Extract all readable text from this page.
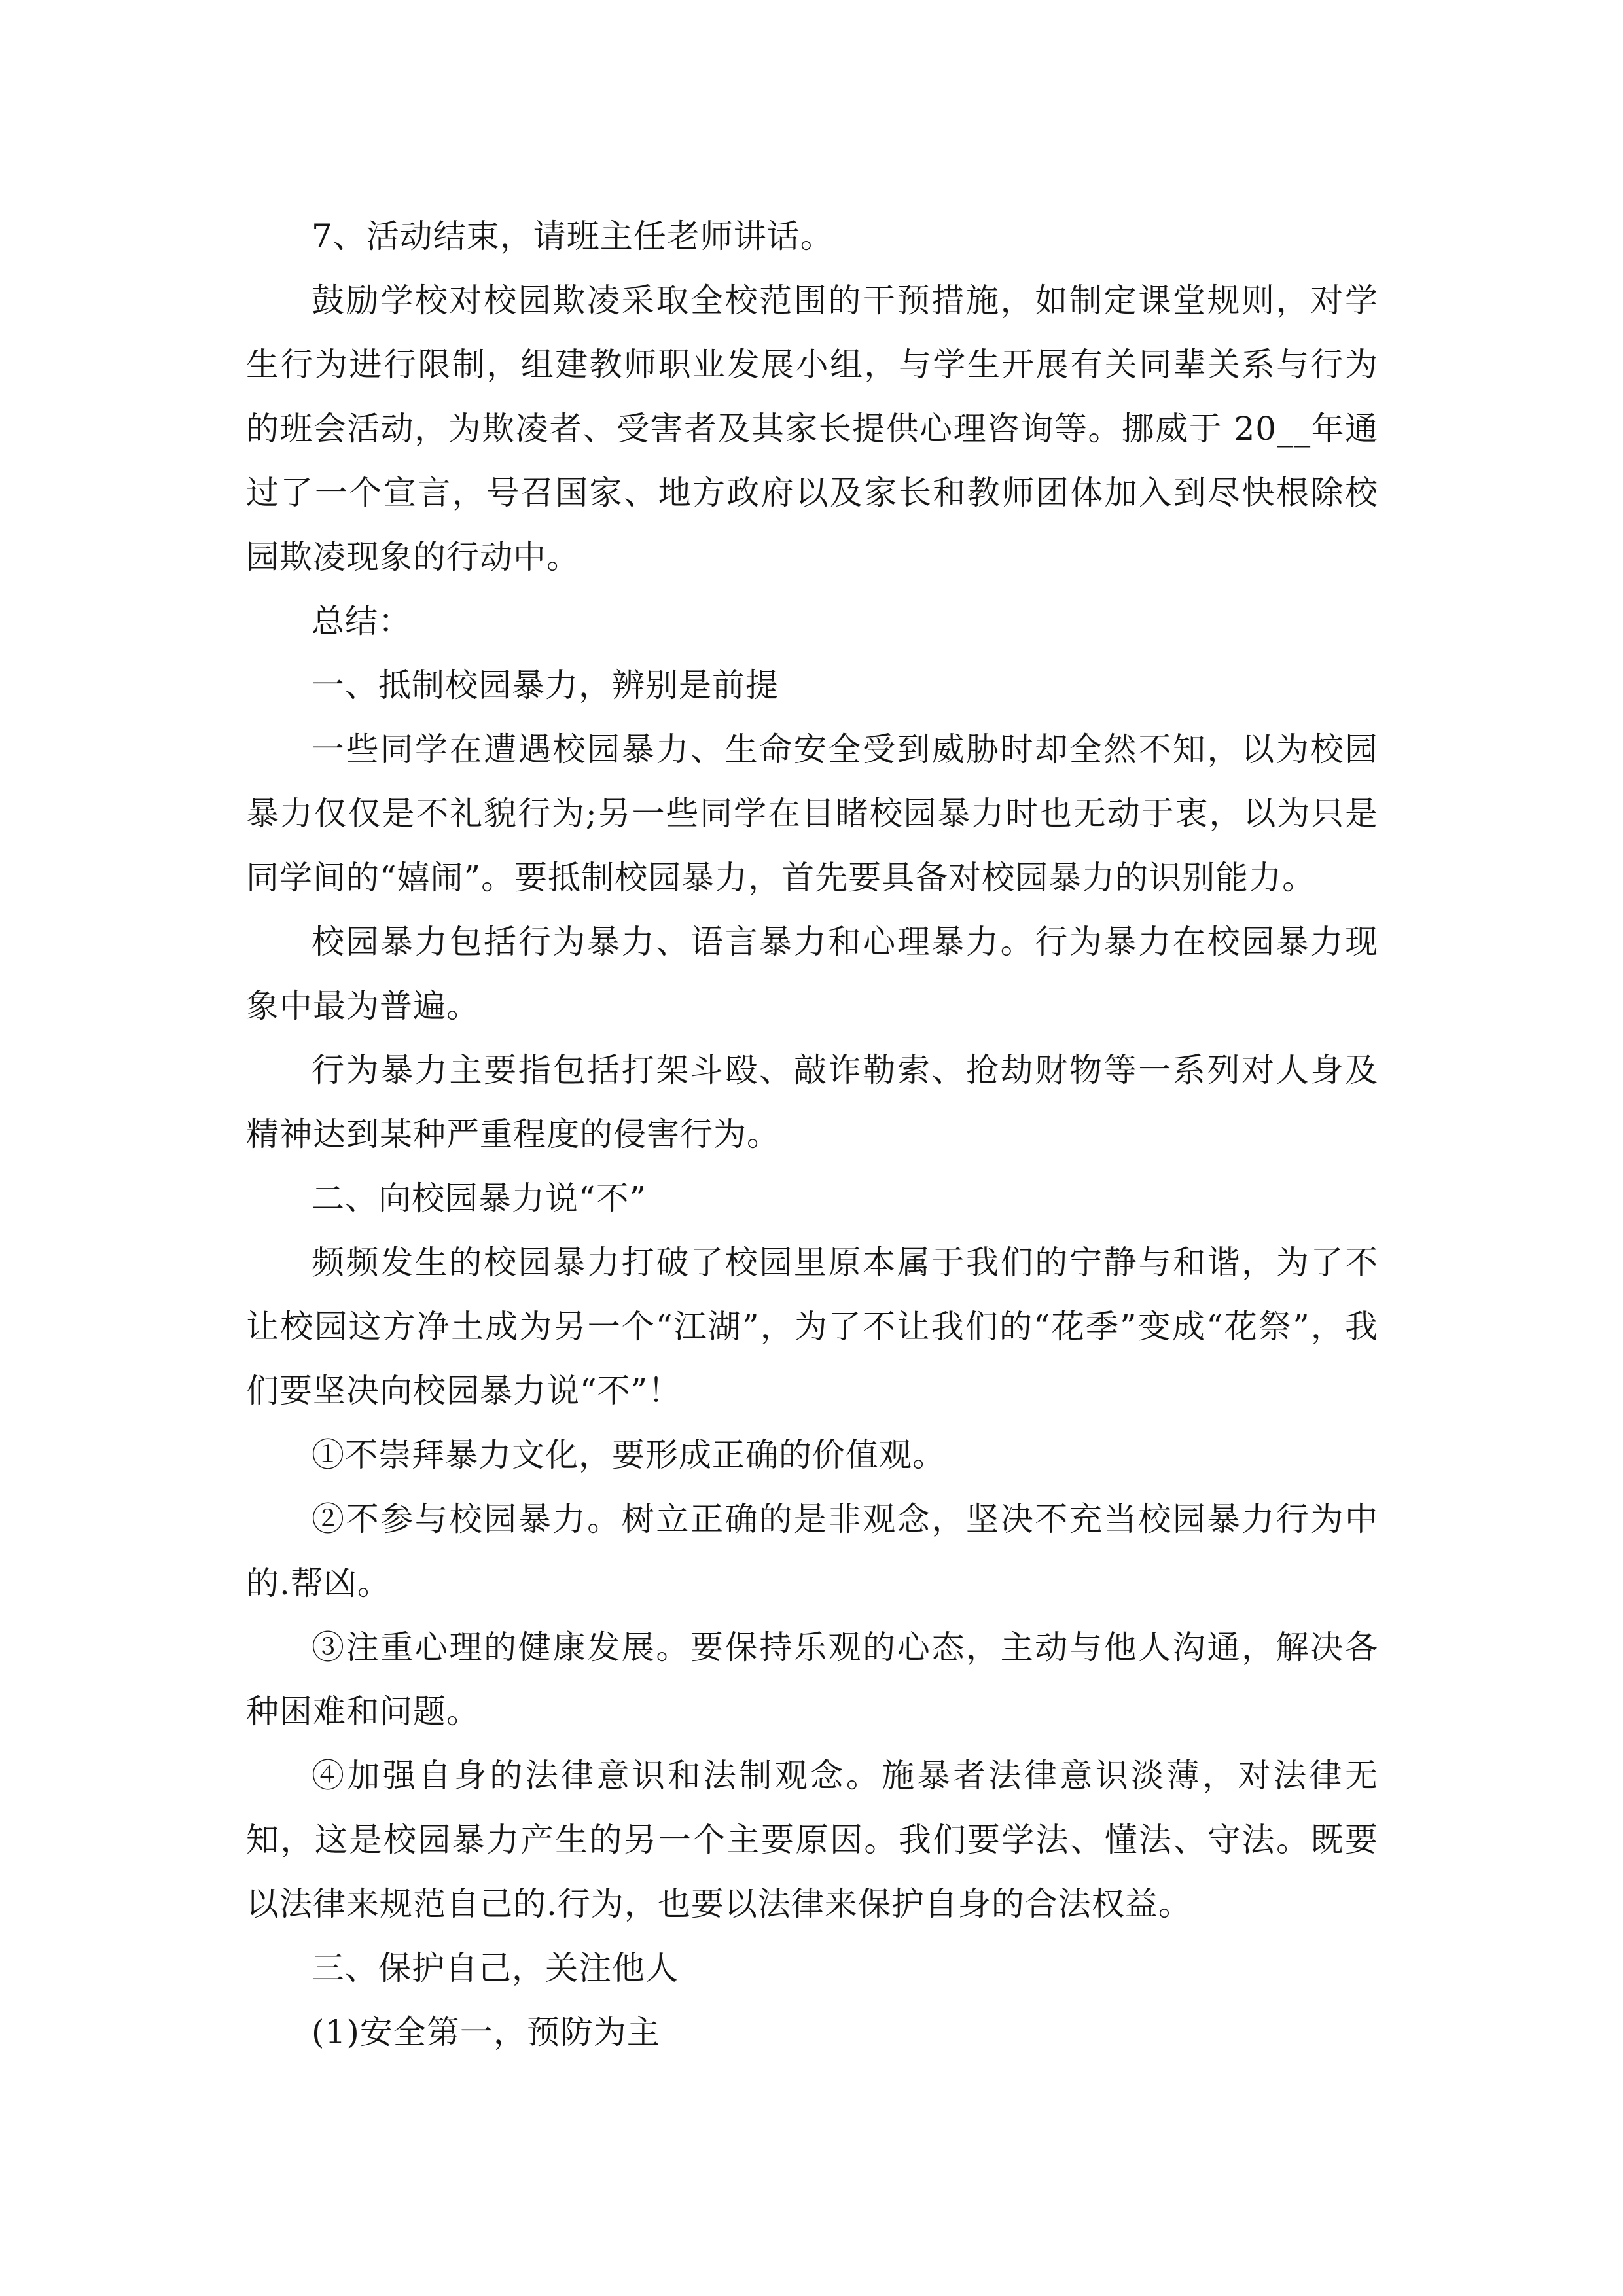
7、活动结束，请班主任老师讲话。

鼓励学校对校园欺凌采取全校范围的干预措施，如制定课堂规则，对学生行为进行限制，组建教师职业发展小组，与学生开展有关同辈关系与行为的班会活动，为欺凌者、受害者及其家长提供心理咨询等。挪威于 20__年通过了一个宣言，号召国家、地方政府以及家长和教师团体加入到尽快根除校园欺凌现象的行动中。

总结：

一、抵制校园暴力，辨别是前提

一些同学在遭遇校园暴力、生命安全受到威胁时却全然不知，以为校园暴力仅仅是不礼貌行为;另一些同学在目睹校园暴力时也无动于衷，以为只是同学间的“嬉闹”。要抵制校园暴力，首先要具备对校园暴力的识别能力。

校园暴力包括行为暴力、语言暴力和心理暴力。行为暴力在校园暴力现象中最为普遍。

行为暴力主要指包括打架斗殴、敲诈勒索、抢劫财物等一系列对人身及精神达到某种严重程度的侵害行为。

二、向校园暴力说“不”

频频发生的校园暴力打破了校园里原本属于我们的宁静与和谐，为了不让校园这方净土成为另一个“江湖”，为了不让我们的“花季”变成“花祭”，我们要坚决向校园暴力说“不”！

①不崇拜暴力文化，要形成正确的价值观。

②不参与校园暴力。树立正确的是非观念，坚决不充当校园暴力行为中的.帮凶。

③注重心理的健康发展。要保持乐观的心态，主动与他人沟通，解决各种困难和问题。

④加强自身的法律意识和法制观念。施暴者法律意识淡薄，对法律无知，这是校园暴力产生的另一个主要原因。我们要学法、懂法、守法。既要以法律来规范自己的.行为，也要以法律来保护自身的合法权益。

三、保护自己，关注他人

(1)安全第一，预防为主
